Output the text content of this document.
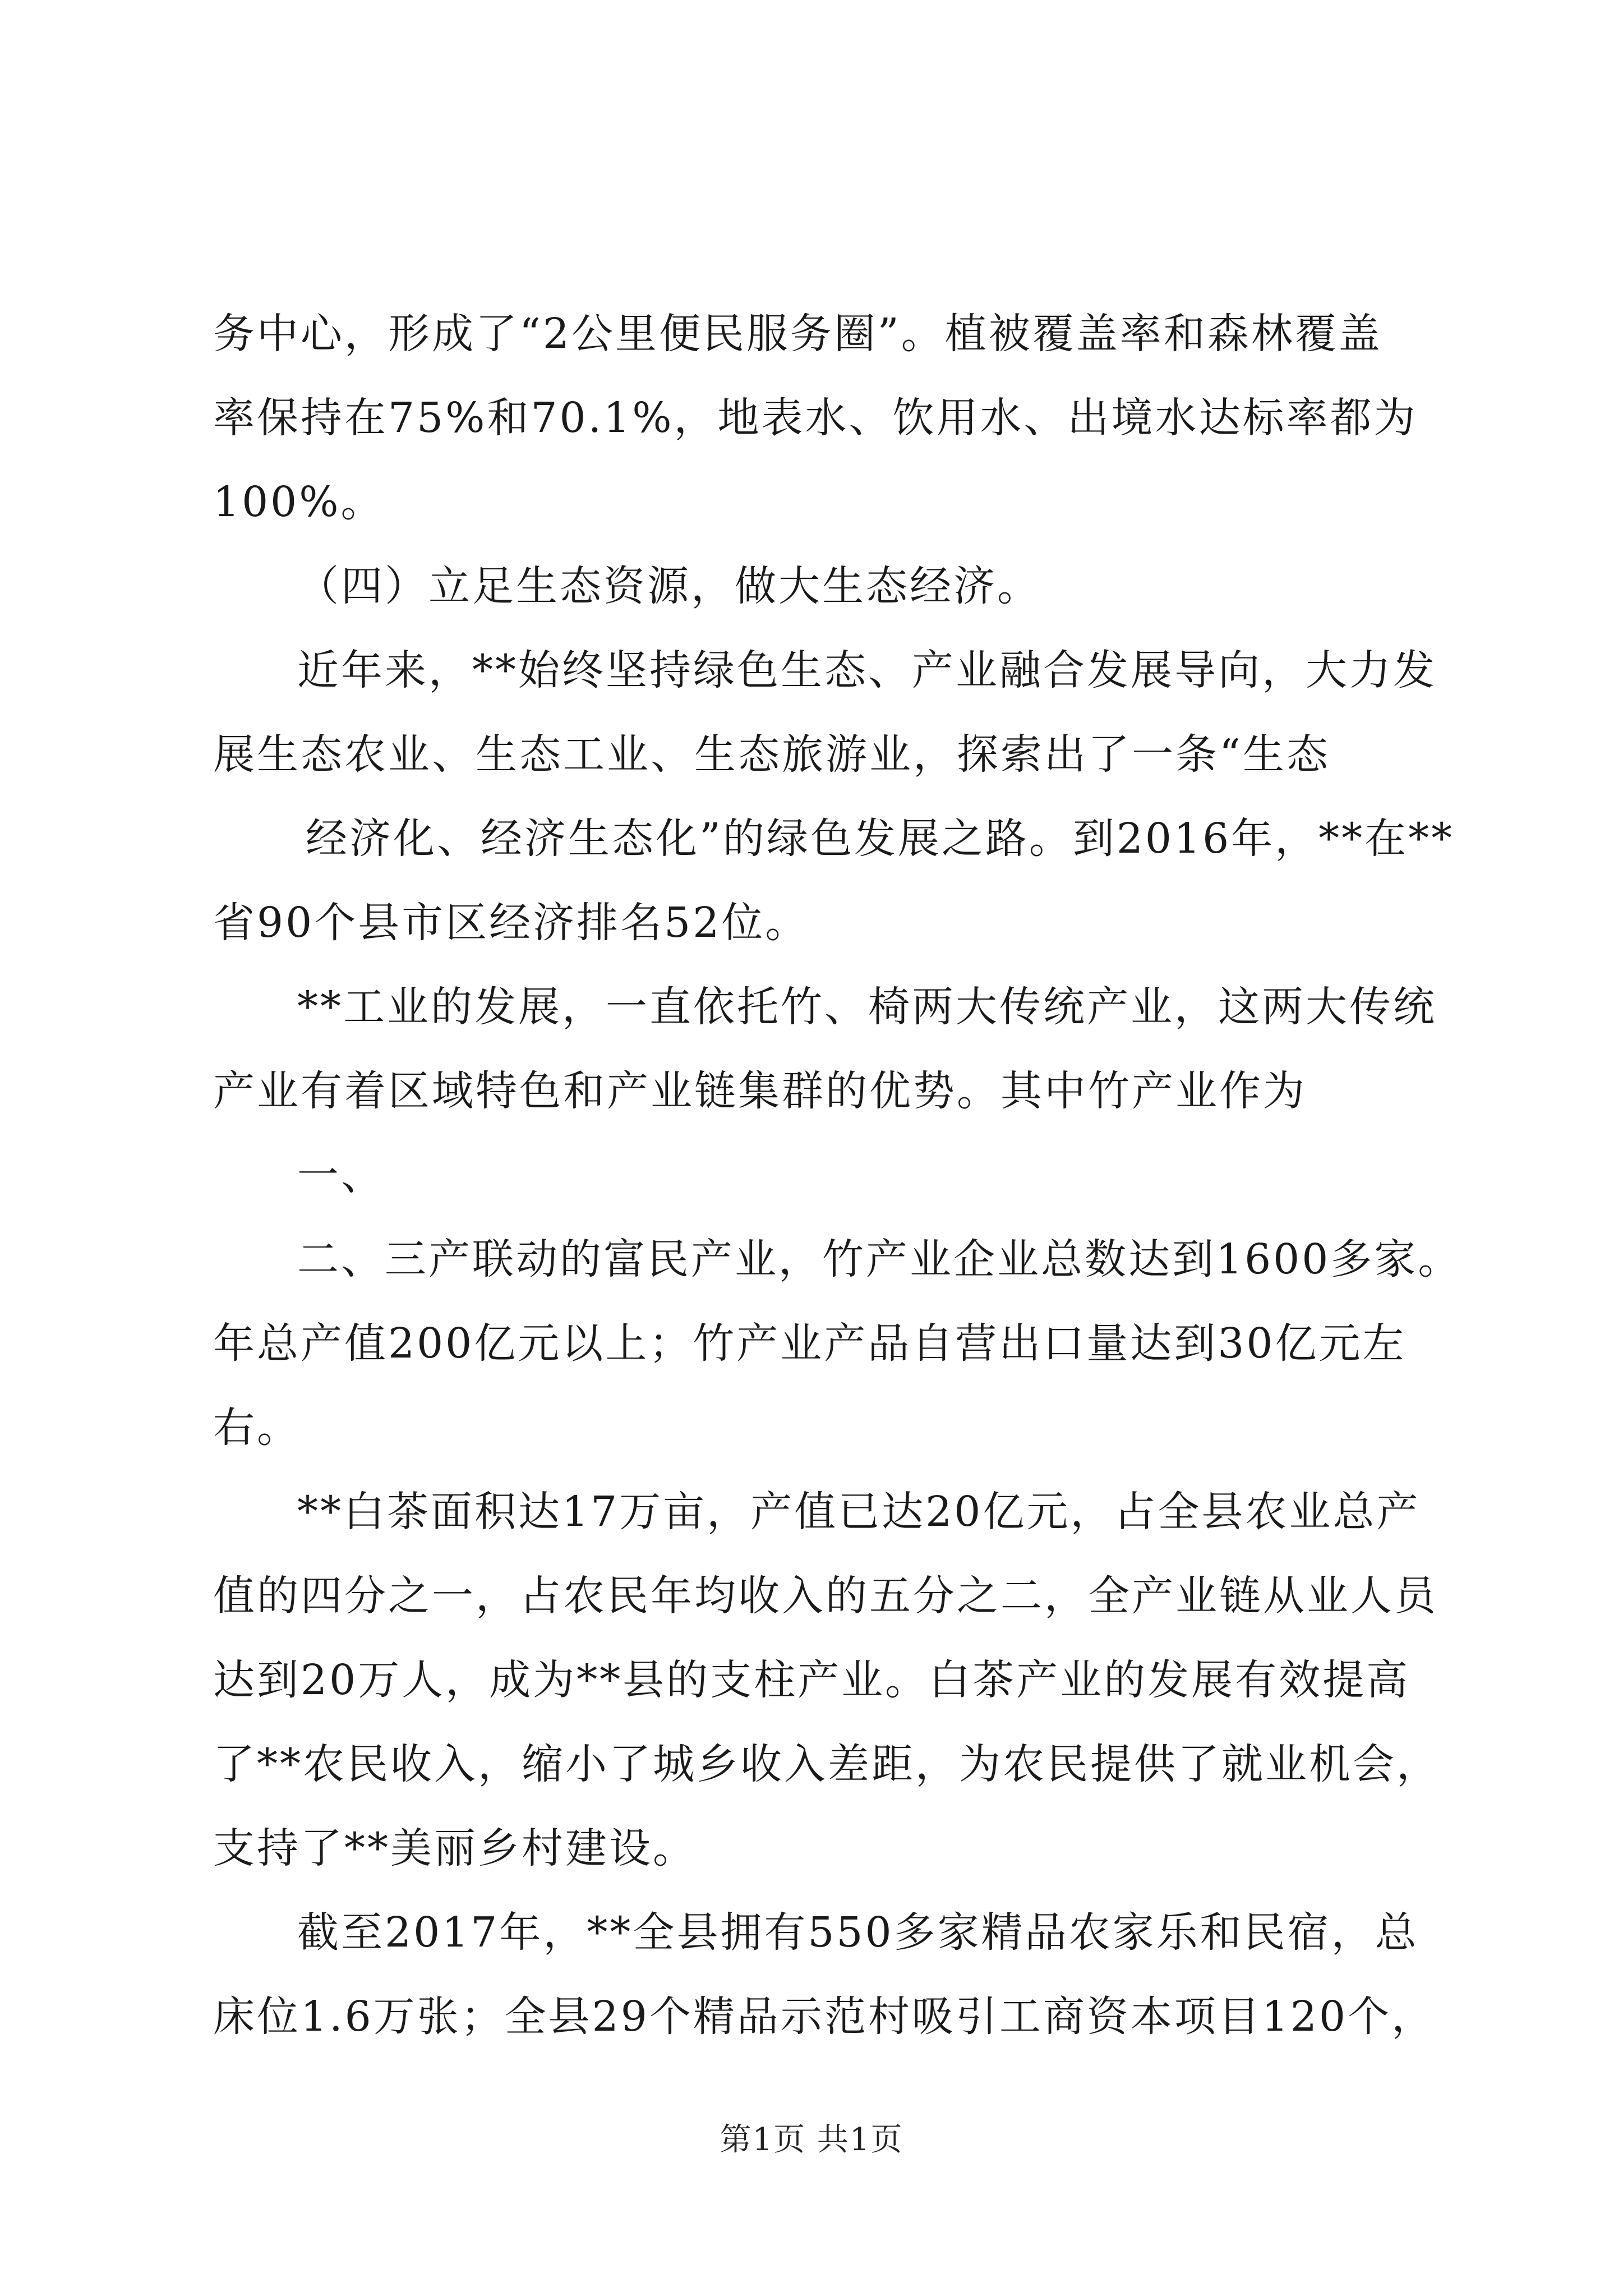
务中心，形成了“2公里便民服务圈”。植被覆盖率和森林覆盖
率保持在75%和70.1%，地表水、饮用水、出境水达标率都为
100%。
（四）立足生态资源，做大生态经济。
近年来，**始终坚持绿色生态、产业融合发展导向，大力发
展生态农业、生态工业、生态旅游业，探索出了一条“生态
经济化、经济生态化”的绿色发展之路。到2016年，**在**
省90个县市区经济排名52位。
**工业的发展，一直依托竹、椅两大传统产业，这两大传统
产业有着区域特色和产业链集群的优势。其中竹产业作为
一、
二、三产联动的富民产业，竹产业企业总数达到1600多家。
年总产值200亿元以上；竹产业产品自营出口量达到30亿元左
右。
**白茶面积达17万亩，产值已达20亿元，占全县农业总产
值的四分之一，占农民年均收入的五分之二，全产业链从业人员
达到20万人，成为**县的支柱产业。白茶产业的发展有效提高
了**农民收入，缩小了城乡收入差距，为农民提供了就业机会，
支持了**美丽乡村建设。
截至2017年，**全县拥有550多家精品农家乐和民宿，总
床位1.6万张；全县29个精品示范村吸引工商资本项目120个，
第1页 共1页
